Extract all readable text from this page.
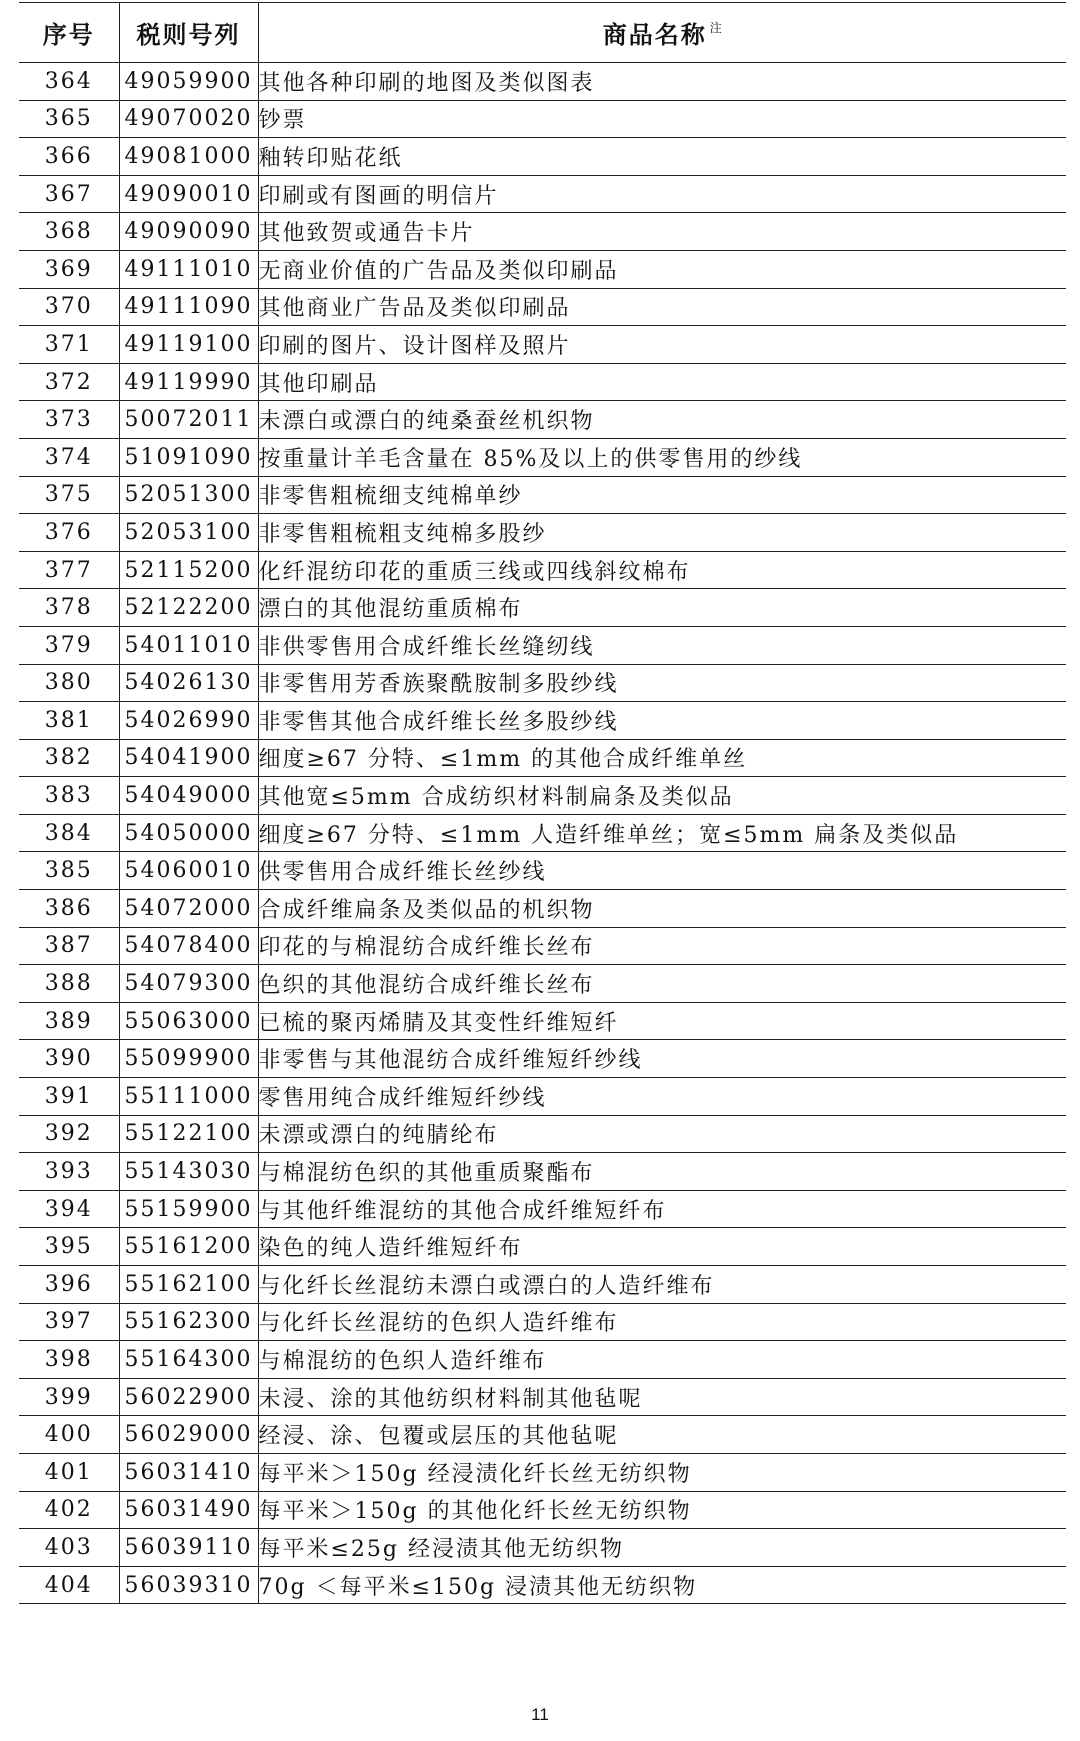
序号	税则号列	商品名称 $^注$
364	49059900	其他各种印刷的地图及类似图表
365	49070020	钞票
366	49081000	釉转印贴花纸
367	49090010	印刷或有图画的明信片
368	49090090	其他致贺或通告卡片
369	49111010	无商业价值的广告品及类似印刷品
370	49111090	其他商业广告品及类似印刷品
371	49119100	印刷的图片、设计图样及照片
372	49119990	其他印刷品
373	50072011	未漂白或漂白的纯桑蚕丝机织物
374	51091090	按重量计羊毛含量在 85%及以上的供零售用的纱线
375	52051300	非零售粗梳细支纯棉单纱
376	52053100	非零售粗梳粗支纯棉多股纱
377	52115200	化纤混纺印花的重质三线或四线斜纹棉布
378	52122200	漂白的其他混纺重质棉布
379	54011010	非供零售用合成纤维长丝缝纫线
380	54026130	非零售用芳香族聚酰胺制多股纱线
381	54026990	非零售其他合成纤维长丝多股纱线
382	54041900	细度≥67 分特、≤1mm 的其他合成纤维单丝
383	54049000	其他宽≤5mm 合成纺织材料制扁条及类似品
384	54050000	细度≥67 分特、≤1mm 人造纤维单丝；宽≤5mm 扁条及类似品
385	54060010	供零售用合成纤维长丝纱线
386	54072000	合成纤维扁条及类似品的机织物
387	54078400	印花的与棉混纺合成纤维长丝布
388	54079300	色织的其他混纺合成纤维长丝布
389	55063000	已梳的聚丙烯腈及其变性纤维短纤
390	55099900	非零售与其他混纺合成纤维短纤纱线
391	55111000	零售用纯合成纤维短纤纱线
392	55122100	未漂或漂白的纯腈纶布
393	55143030	与棉混纺色织的其他重质聚酯布
394	55159900	与其他纤维混纺的其他合成纤维短纤布
395	55161200	染色的纯人造纤维短纤布
396	55162100	与化纤长丝混纺未漂白或漂白的人造纤维布
397	55162300	与化纤长丝混纺的色织人造纤维布
398	55164300	与棉混纺的色织人造纤维布
399	56022900	未浸、涂的其他纺织材料制其他毡呢
400	56029000	经浸、涂、包覆或层压的其他毡呢
401	56031410	每平米＞150g 经浸渍化纤长丝无纺织物
402	56031490	每平米＞150g 的其他化纤长丝无纺织物
403	56039110	每平米≤25g 经浸渍其他无纺织物
404	56039310	70g ＜每平米≤150g 浸渍其他无纺织物
11
